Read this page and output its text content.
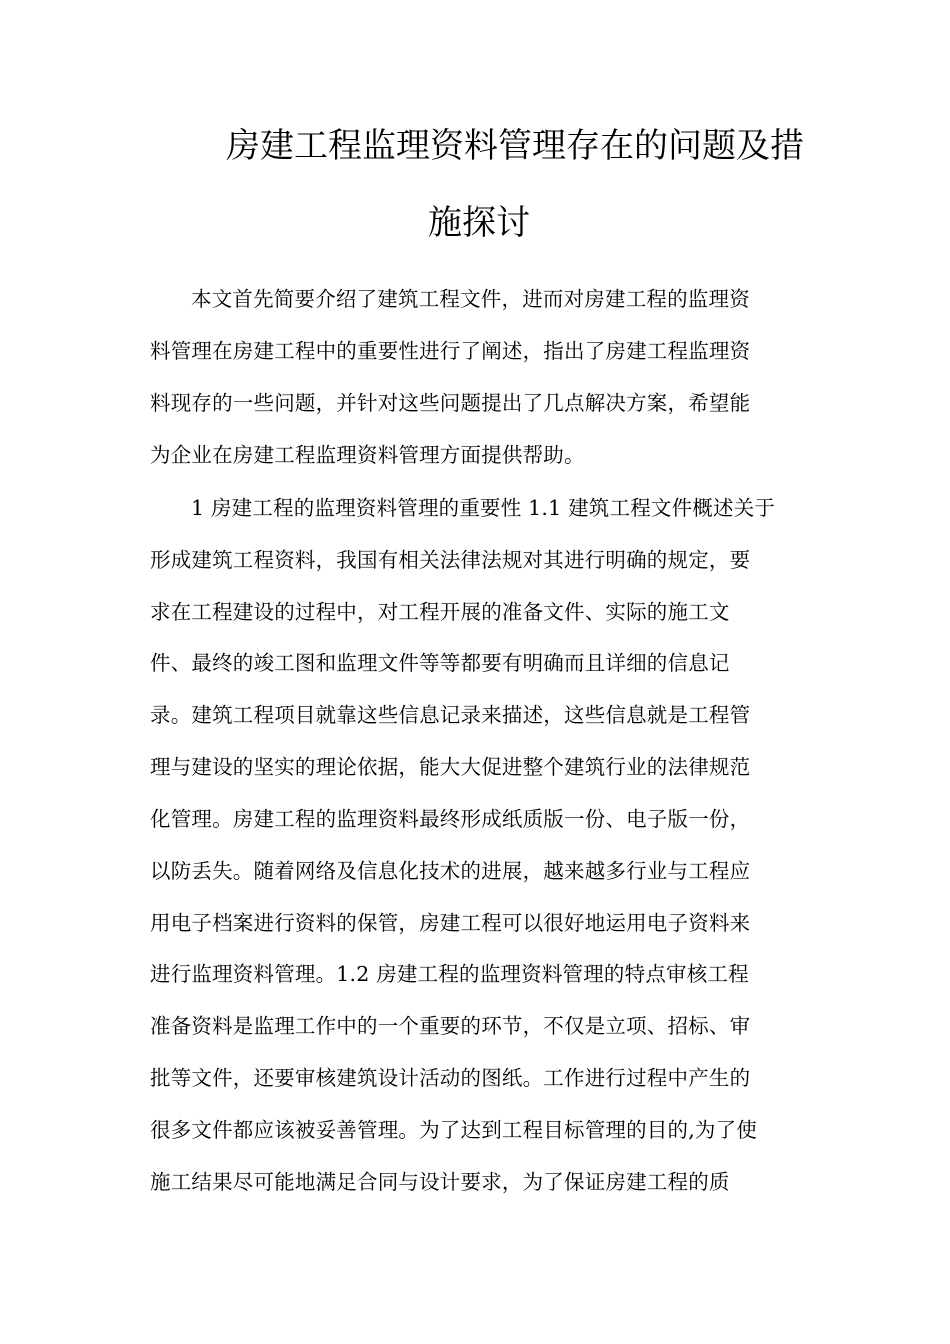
房建工程监理资料管理存在的问题及措
施探讨
本文首先简要介绍了建筑工程文件，进而对房建工程的监理资
料管理在房建工程中的重要性进行了阐述，指出了房建工程监理资
料现存的一些问题，并针对这些问题提出了几点解决方案，希望能
为企业在房建工程监理资料管理方面提供帮助。
1 房建工程的监理资料管理的重要性 1.1 建筑工程文件概述关于
形成建筑工程资料，我国有相关法律法规对其进行明确的规定，要
求在工程建设的过程中，对工程开展的准备文件、实际的施工文
件、最终的竣工图和监理文件等等都要有明确而且详细的信息记
录。建筑工程项目就靠这些信息记录来描述，这些信息就是工程管
理与建设的坚实的理论依据，能大大促进整个建筑行业的法律规范
化管理。房建工程的监理资料最终形成纸质版一份、电子版一份，
以防丢失。随着网络及信息化技术的进展，越来越多行业与工程应
用电子档案进行资料的保管，房建工程可以很好地运用电子资料来
进行监理资料管理。1.2 房建工程的监理资料管理的特点审核工程
准备资料是监理工作中的一个重要的环节，不仅是立项、招标、审
批等文件，还要审核建筑设计活动的图纸。工作进行过程中产生的
很多文件都应该被妥善管理。为了达到工程目标管理的目的,为了使
施工结果尽可能地满足合同与设计要求，为了保证房建工程的质
